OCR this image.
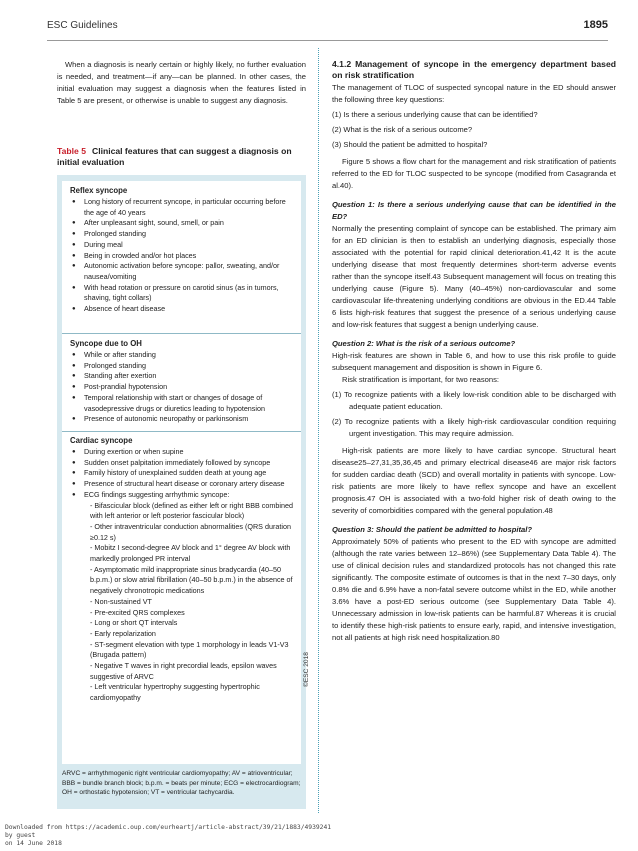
ESC Guidelines	1895

When a diagnosis is nearly certain or highly likely, no further evaluation is needed, and treatment—if any—can be planned. In other cases, the initial evaluation may suggest a diagnosis when the features listed in Table 5 are present, or otherwise is unable to suggest any diagnosis.

Table 5 Clinical features that can suggest a diagnosis on initial evaluation
Reflex syncope
● Long history of recurrent syncope, in particular occurring before the age of 40 years
● After unpleasant sight, sound, smell, or pain
● Prolonged standing
● During meal
● Being in crowded and/or hot places
● Autonomic activation before syncope: pallor, sweating, and/or nausea/vomiting
● With head rotation or pressure on carotid sinus (as in tumors, shaving, tight collars)
● Absence of heart disease
Syncope due to OH
● While or after standing
● Prolonged standing
● Standing after exertion
● Post-prandial hypotension
● Temporal relationship with start or changes of dosage of vasodepressive drugs or diuretics leading to hypotension
● Presence of autonomic neuropathy or parkinsonism
Cardiac syncope
● During exertion or when supine
● Sudden onset palpitation immediately followed by syncope
● Family history of unexplained sudden death at young age
● Presence of structural heart disease or coronary artery disease
● ECG findings suggesting arrhythmic syncope:
- Bifascicular block (defined as either left or right BBB combined with left anterior or left posterior fascicular block)
- Other intraventricular conduction abnormalities (QRS duration ≥0.12 s)
- Mobitz I second-degree AV block and 1° degree AV block with markedly prolonged PR interval
- Asymptomatic mild inappropriate sinus bradycardia (40–50 b.p.m.) or slow atrial fibrillation (40–50 b.p.m.) in the absence of negatively chronotropic medications
- Non-sustained VT
- Pre-excited QRS complexes
- Long or short QT intervals
- Early repolarization
- ST-segment elevation with type 1 morphology in leads V1-V3 (Brugada pattern)
- Negative T waves in right precordial leads, epsilon waves suggestive of ARVC
- Left ventricular hypertrophy suggesting hypertrophic cardiomyopathy
©ESC 2018
ARVC = arrhythmogenic right ventricular cardiomyopathy; AV = atrioventricular; BBB = bundle branch block; b.p.m. = beats per minute; ECG = electrocardiogram; OH = orthostatic hypotension; VT = ventricular tachycardia.

4.1.2 Management of syncope in the emergency department based on risk stratification

The management of TLOC of suspected syncopal nature in the ED should answer the following three key questions:

(1) Is there a serious underlying cause that can be identified?

(2) What is the risk of a serious outcome?

(3) Should the patient be admitted to hospital?

Figure 5 shows a flow chart for the management and risk stratification of patients referred to the ED for TLOC suspected to be syncope (modified from Casagranda et al.40).

Question 1: Is there a serious underlying cause that can be identified in the ED?

Normally the presenting complaint of syncope can be established. The primary aim for an ED clinician is then to establish an underlying diagnosis, especially those associated with the potential for rapid clinical deterioration.41,42 It is the acute underlying disease that most frequently determines short-term adverse events rather than the syncope itself.43 Subsequent management will focus on treating this underlying cause (Figure 5). Many (40–45%) non-cardiovascular and some cardiovascular life-threatening underlying conditions are obvious in the ED.44 Table 6 lists high-risk features that suggest the presence of a serious underlying cause and low-risk features that suggest a benign underlying cause.

Question 2: What is the risk of a serious outcome?

High-risk features are shown in Table 6, and how to use this risk profile to guide subsequent management and disposition is shown in Figure 6.

Risk stratification is important, for two reasons:

(1) To recognize patients with a likely low-risk condition able to be discharged with adequate patient education.

(2) To recognize patients with a likely high-risk cardiovascular condition requiring urgent investigation. This may require admission.

High-risk patients are more likely to have cardiac syncope. Structural heart disease25–27,31,35,36,45 and primary electrical disease46 are major risk factors for sudden cardiac death (SCD) and overall mortality in patients with syncope. Low-risk patients are more likely to have reflex syncope and have an excellent prognosis.47 OH is associated with a two-fold higher risk of death owing to the severity of comorbidities compared with the general population.48

Question 3: Should the patient be admitted to hospital?

Approximately 50% of patients who present to the ED with syncope are admitted (although the rate varies between 12–86%) (see Supplementary Data Table 4). The use of clinical decision rules and standardized protocols has not changed this rate significantly. The composite estimate of outcomes is that in the next 7–30 days, only 0.8% die and 6.9% have a non-fatal severe outcome whilst in the ED, while another 3.6% have a post-ED serious outcome (see Supplementary Data Table 4). Unnecessary admission in low-risk patients can be harmful.87 Whereas it is crucial to identify these high-risk patients to ensure early, rapid, and intensive investigation, not all patients at high risk need hospitalization.80

Downloaded from https://academic.oup.com/eurheartj/article-abstract/39/21/1883/4939241
by guest
on 14 June 2018
